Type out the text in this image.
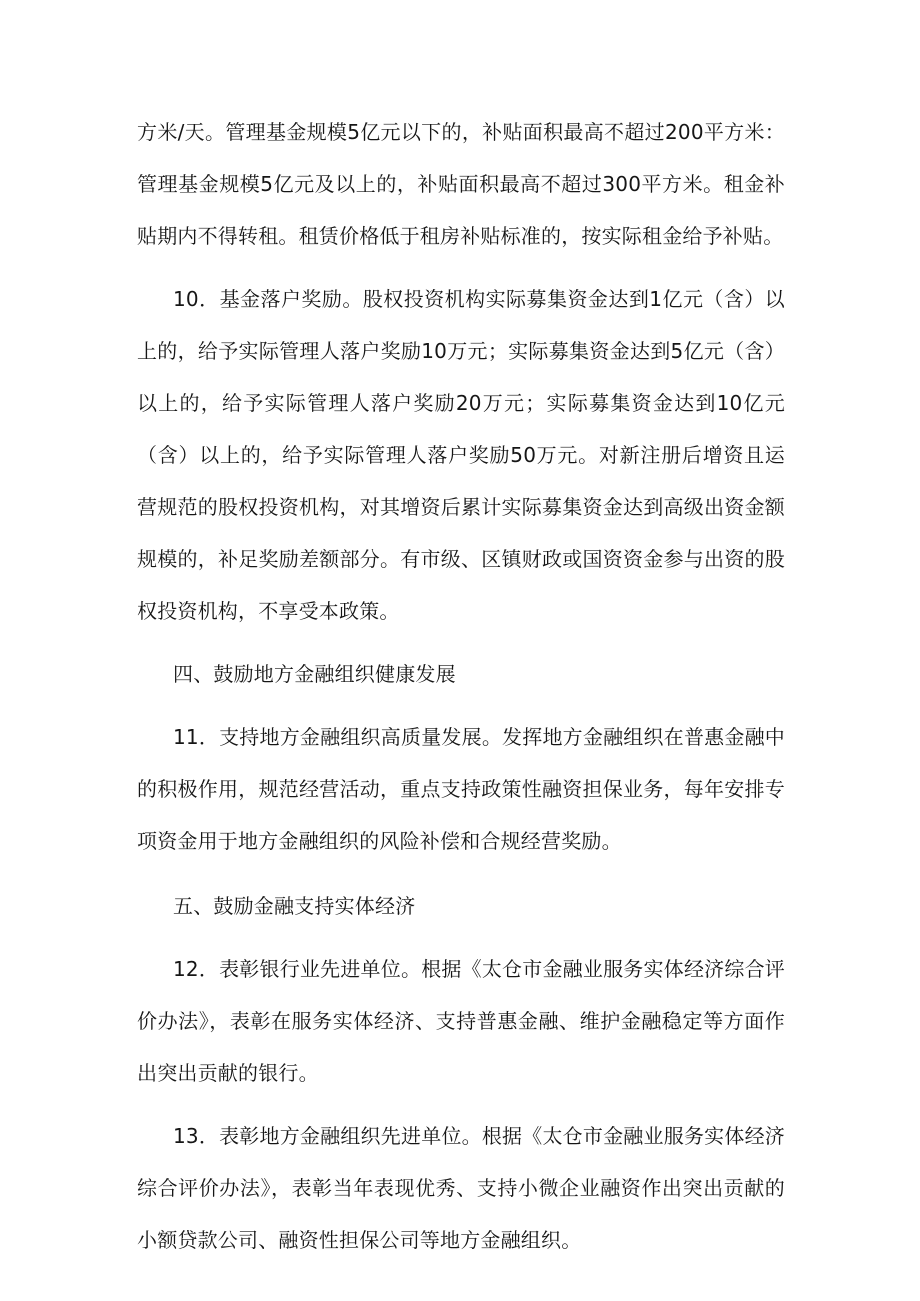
方米/天。管理基金规模5亿元以下的，补贴面积最高不超过200平方米：管理基金规模5亿元及以上的，补贴面积最高不超过300平方米。租金补贴期内不得转租。租赁价格低于租房补贴标准的，按实际租金给予补贴。

10．基金落户奖励。股权投资机构实际募集资金达到1亿元（含）以上的，给予实际管理人落户奖励10万元；实际募集资金达到5亿元（含）以上的，给予实际管理人落户奖励20万元；实际募集资金达到10亿元（含）以上的，给予实际管理人落户奖励50万元。对新注册后增资且运营规范的股权投资机构，对其增资后累计实际募集资金达到高级出资金额规模的，补足奖励差额部分。有市级、区镇财政或国资资金参与出资的股权投资机构，不享受本政策。

四、鼓励地方金融组织健康发展

11．支持地方金融组织高质量发展。发挥地方金融组织在普惠金融中的积极作用，规范经营活动，重点支持政策性融资担保业务，每年安排专项资金用于地方金融组织的风险补偿和合规经营奖励。

五、鼓励金融支持实体经济

12．表彰银行业先进单位。根据《太仓市金融业服务实体经济综合评价办法》，表彰在服务实体经济、支持普惠金融、维护金融稳定等方面作出突出贡献的银行。

13．表彰地方金融组织先进单位。根据《太仓市金融业服务实体经济综合评价办法》，表彰当年表现优秀、支持小微企业融资作出突出贡献的小额贷款公司、融资性担保公司等地方金融组织。
